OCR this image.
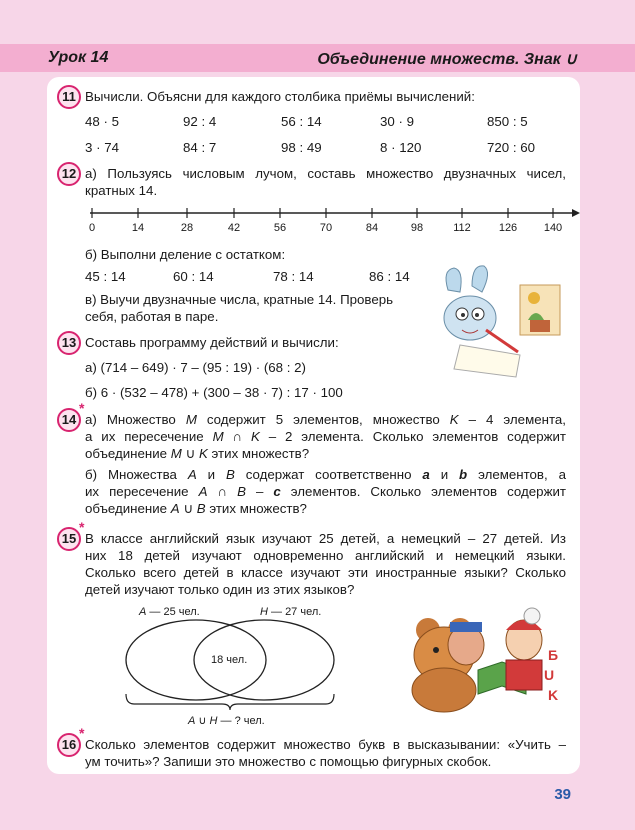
Урок 14	Объединение множеств. Знак ∪
11 Вычисли. Объясни для каждого столбика приёмы вычислений:
48 · 5	92 : 4	56 : 14	30 · 9	850 : 5
3 · 74	84 : 7	98 : 49	8 · 120	720 : 60
12 а) Пользуясь числовым лучом, составь множество двузначных чисел,
кратных 14.
0	14	28	42	56	70	84	98	112	126 140
б) Выполни деление с остатком:
45 : 14	60 : 14	78 : 14	86 : 14
в) Выучи двузначные числа, кратные 14. Проверь
себя, работая в паре.
13 Составь программу действий и вычисли:
а) (714 – 649) · 7 – (95 : 19) · (68 : 2)
б) 6 · (532 – 478) + (300 – 38 · 7) : 17 · 100
14
*
а) Множество M содержит 5 элементов, множество K – 4 элемента,
а их пересечение M ∩ K – 2 элемента. Сколько элементов содержит
объединение M ∪ K этих множеств?
б) Множества A и B содержат соответственно a и b элементов, а
их пересечение A ∩ B – c элементов. Сколько элементов содержит
объединение A ∪ B этих множеств?
15
*
В классе английский язык изучают 25 детей, а немецкий – 27 детей. Из
них 18 детей изучают одновременно английский и немецкий языки.
Сколько всего детей в классе изучают эти иностранные языки? Сколько
детей изучают только один из этих языков?
А — 25 чел.	Н — 27 чел.
18 чел.
А ∪ Н — ? чел.
Б
U
K
16
*
Сколько элементов содержит множество букв в высказывании: «Учить –
ум точить»? Запиши это множество с помощью фигурных скобок.
39
